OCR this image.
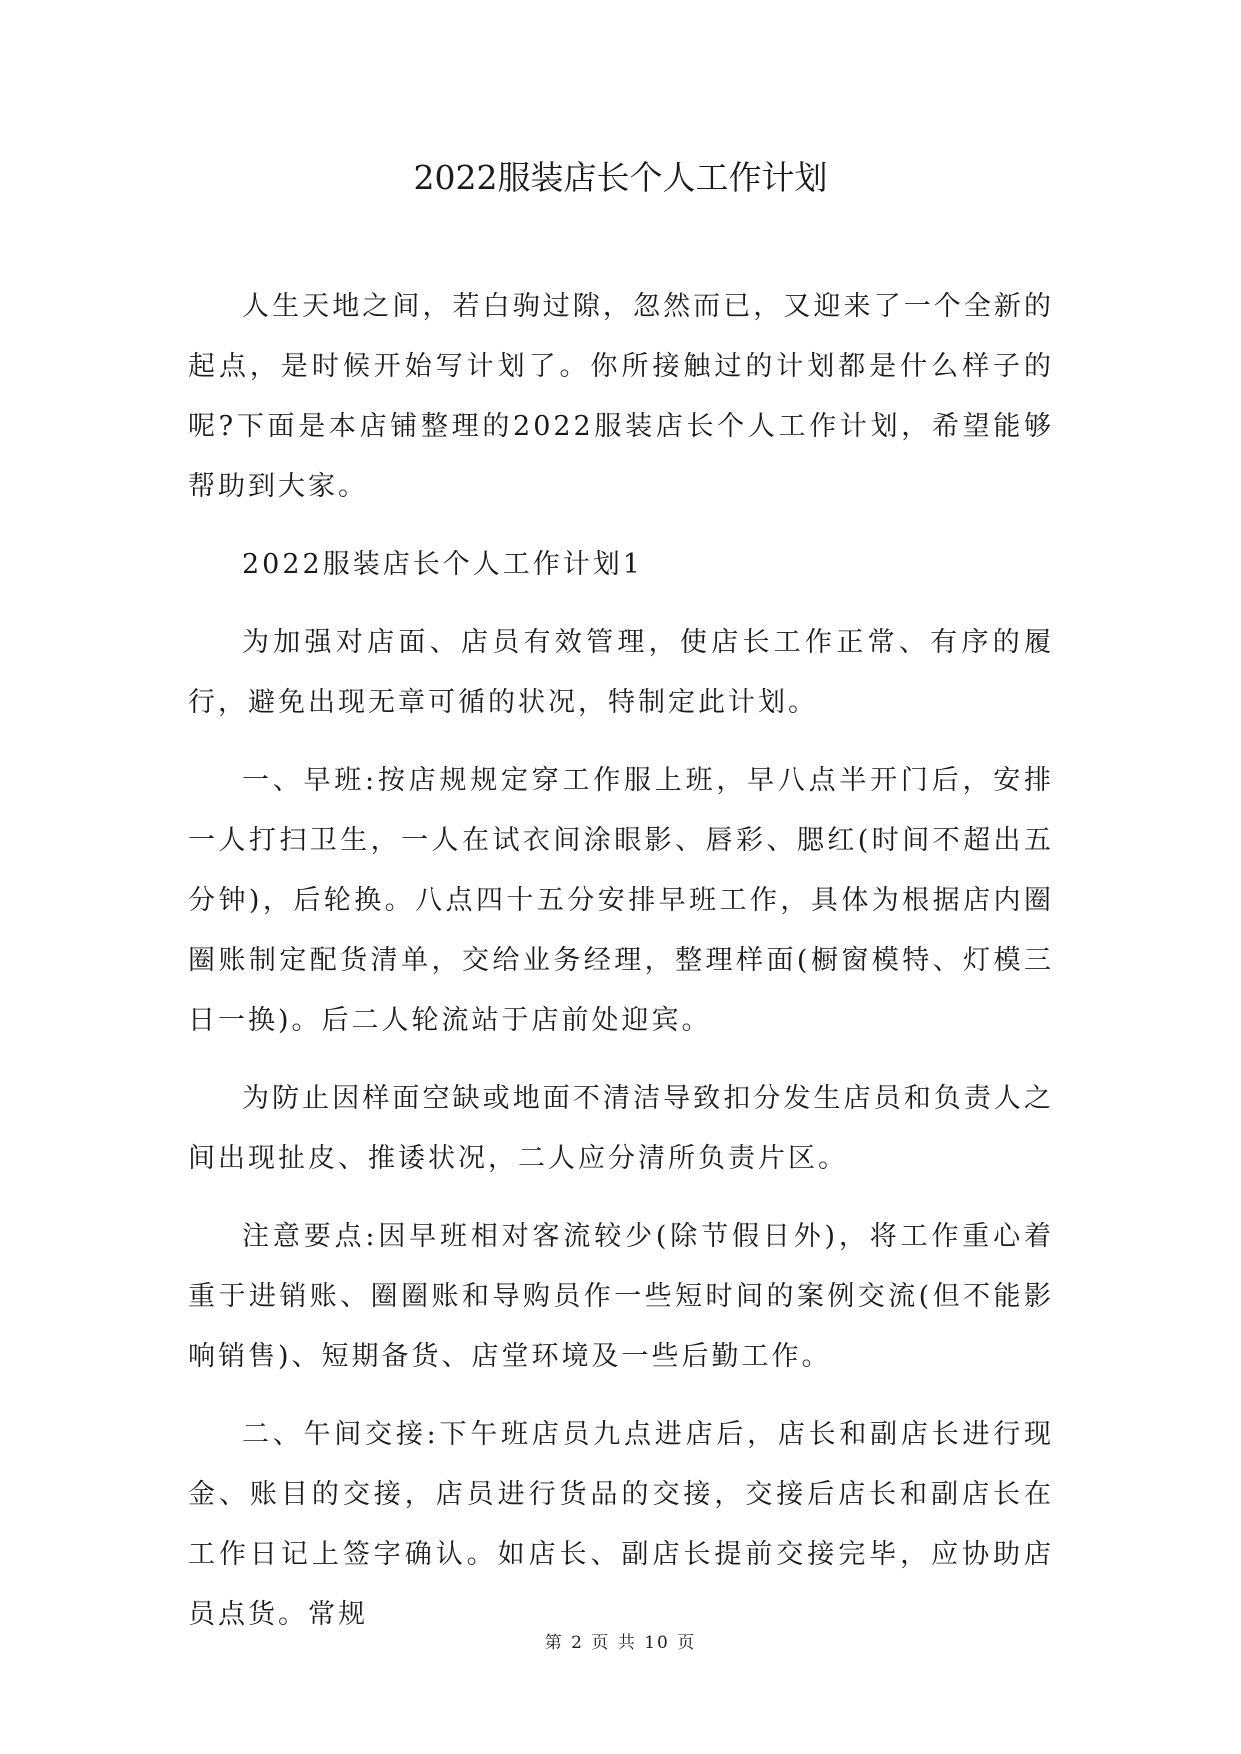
2022服装店长个人工作计划

人生天地之间，若白驹过隙，忽然而已，又迎来了一个全新的起点，是时候开始写计划了。你所接触过的计划都是什么样子的呢?下面是本店铺整理的2022服装店长个人工作计划，希望能够帮助到大家。

2022服装店长个人工作计划1

为加强对店面、店员有效管理，使店长工作正常、有序的履行，避免出现无章可循的状况，特制定此计划。

一、早班:按店规规定穿工作服上班，早八点半开门后，安排一人打扫卫生，一人在试衣间涂眼影、唇彩、腮红(时间不超出五分钟)，后轮换。八点四十五分安排早班工作，具体为根据店内圈圈账制定配货清单，交给业务经理，整理样面(橱窗模特、灯模三日一换)。后二人轮流站于店前处迎宾。

为防止因样面空缺或地面不清洁导致扣分发生店员和负责人之间出现扯皮、推诿状况，二人应分清所负责片区。

注意要点:因早班相对客流较少(除节假日外)，将工作重心着重于进销账、圈圈账和导购员作一些短时间的案例交流(但不能影响销售)、短期备货、店堂环境及一些后勤工作。

二、午间交接:下午班店员九点进店后，店长和副店长进行现金、账目的交接，店员进行货品的交接，交接后店长和副店长在工作日记上签字确认。如店长、副店长提前交接完毕，应协助店员点货。常规

第 2 页 共 10 页
